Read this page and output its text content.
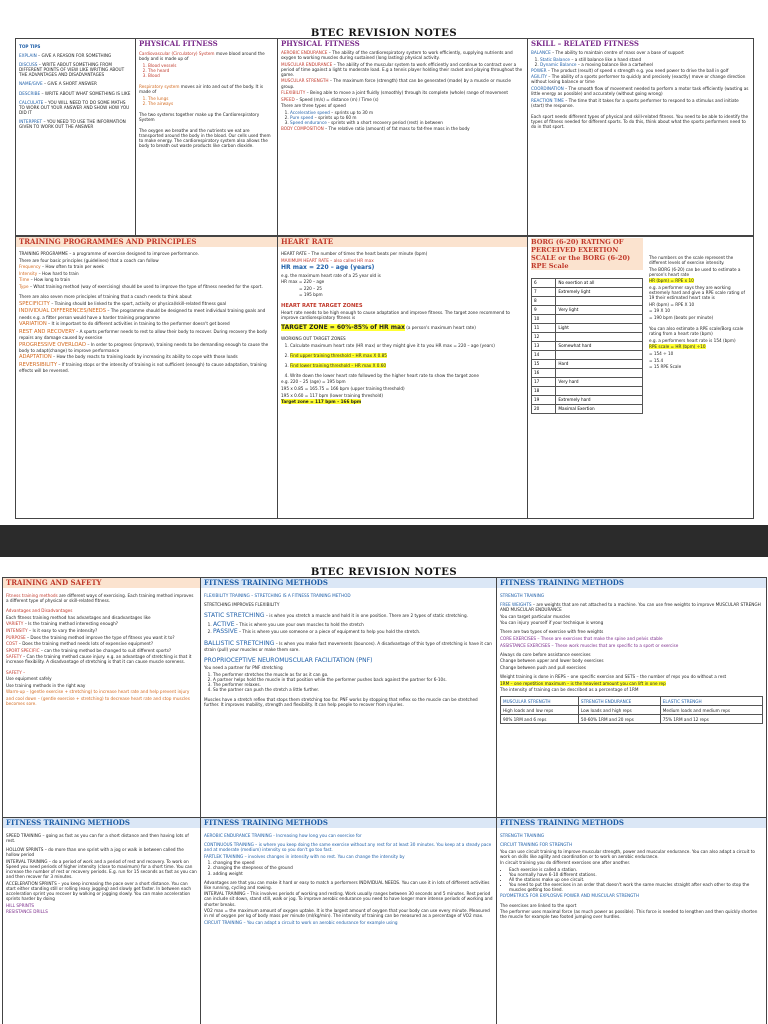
BTEC REVISION NOTES

TOP TIPS

EXPLAIN – GIVE A REASON FOR SOMETHING

DISCUSS – WRITE ABOUT SOMETHING FROM DIFFERENT POINTS OF VIEW LIKE WRITING ABOUT THE ADVANTAGES AND DISADVANTAGES

NAME/GIVE – GIVE A SHORT ANSWER

DESCRIBE – WRITE ABOUT WHAT SOMETHING IS LIKE

CALCULATE – YOU WILL NEED TO DO SOME MATHS TO WORK OUT YOUR ANSWER AND SHOW HOW YOU DID IT

INTERPRET – YOU NEED TO USE THE INFORMATION GIVEN TO WORK OUT THE ANSWER

PHYSICAL FITNESS

Cardiovascular (Circulatory) System move blood around the body and is made up of

1. Blood vessels
2. The heard
3. Blood

Respiratory system moves air into and out of the body. It is made of

1. The lungs
2. The airways

The two systems together make up the Cardiorespiratory System

The oxygen we breathe and the nutrients we eat are transported around the body in the blood. Our cells used them to make energy. The cardiorespiratory system also allows the body to breath out waste products like carbon dioxide.

PHYSICAL FITNESS

AEROBIC ENDURANCE – The ability of the cardiorespiratory system to work efficiently, supplying nutrients and oxygen to working muscles during sustained (long lasting) physical activity.

MUSCULAR ENDURANCE – The ability of the muscular system to work efficiently and continue to contract over a period of time against a light to moderate load. E.g a tennis player holding their racket and playing throughout the game.

MUSCULAR STRENGTH – The maximum force (strength) that can be generated (made) by a muscle or muscle group.

FLEXIBILITY – Being able to move a joint fluidly (smoothly) through its complete (whole) range of movement

SPEED – Speed (m/s) = distance (m) / Time (s)

There are three types of speed

1. Accelerative speed – sprints up to 30 m
2. Pure speed – sprints up to 60 m
3. Speed endurance - sprints with a short recovery period (rest) in between

BODY COMPOSITION – The relative ratio (amount) of fat mass to fat-free mass in the body

SKILL – RELATED FITNESS

BALANCE – The ability to maintain centre of mass over a base of support

1. Static Balance – a still balance like a hand stand
2. Dynamic Balance – a moving balance like a cartwheel

POWER – The product (result) of speed x strength e.g. you need power to drive the ball in golf

AGILITY – The ability of a sports performer to quickly and precisely (exactly) move or change direction without losing balance or time

COORDINATION – The smooth flow of movement needed to perform a motor task efficiently (wasting as little energy as possible) and accurately (without going wrong)

REACTION TIME – The time that it takes for a sports performer to respond to a stimulus and initiate (start) the response.

Each sport needs different types of physical and skill-related fitness. You need to be able to identify the types of fitness needed for different sports. To do this, think about what the sports performers need to do in that sport.

TRAINING PROGRAMMES AND PRINCIPLES

TRAINING PROGRAMME – a programme of exercise designed to improve performance.

There are four basic principles (guidelines) that a coach can follow

Frequency – How often to train per week

Intensity – How hard to train

Time – How long to train

Type – What training method (way of exercising) should be used to improve the type of fitness needed for the sport.

There are also seven more principles of training that a coach needs to think about

SPECIFICITY – Training should be linked to the sport, activity or physical/skill-related fitness goal

INDIVIDUAL DIFFERENCES/NEEDS – The programme should be designed to meet individual training goals and needs e.g. a fitter person would have a harder training programme

VARIATION – It is important to do different activities in training to the performer doesn't get bored

REST AND RECOVERY – A sports performer needs to rest to allow their body to recover. During recovery the body repairs any damage caused by exercise

PROGRESSIVE OVERLOAD – In order to progress (improve), training needs to be demanding enough to cause the body to adapt(change) to improve performance

ADAPTATION – How the body reacts to training loads by increasing its ability to cope with those loads

REVERSIBILITY – If training stops or the intensity of training is not sufficient (enough) to cause adaptation, training effects will be reversed.

HEART RATE

HEART RATE – The number of times the heart beats per minute (bpm)

MAXIMUM HEART RATE – also called HR max

HR max = 220 – age (years)

e.g. the maximum heart rate of a 25 year old is

HR max = 220 – age

= 220 – 25

= 195 bpm

HEART RATE TARGET ZONES

Heart rate needs to be high enough to cause adaptation and improve fitness. The target zone recommend to improve cardiorespiratory fitness is

TARGET ZONE = 60%-85% of HR max (a person's maximum heart rate)

WORKING OUT TARGET ZONES

1. Calculate maximum heart rate (HR max) or they might give it to you HR max = 220 – age (years)
2. Find upper training threshold – HR max X 0.85
3. Find lower training threshold – HR max X 0.60
4. Write down the lower heart rate followed by the higher heart rate to show the target zone

e.g. 220 – 25 (age) = 195 bpm

195 x 0.85 = 165.75 = 166 bpm (upper training threshold)

195 x 0.60 = 117 bpm (lower training threshold)

Target zone = 117 bpm – 166 bpm

BORG (6-20) RATING OF PERCEIVED EXERTION SCALE or the BORG (6-20) RPE Scale
6	No exertion at all
7	Extremely light
8	
9	Very light
10	
11	Light
12	
13	Somewhat hard
14	
15	Hard
16	
17	Very hard
18	
19	Extremely hard
20	Maximal Exertion

The numbers on the scale represent the different levels of exercise intensity.

The BORG (6-20) can be used to estimate a person's heart rate

HR (bpm) = RPE x 10

e.g. a performer says they are working extremely hard and give a RPE scale rating of 19 their estimated heart rate is

HR (bpm) = RPE X 10

= 19 X 10

= 190 bpm (beats per minute)

You can also estimate a RPE scale/Borg scale rating from a heart rate (bpm)

e.g. a performers heart rate is 154 (bpm)

RPE scale = HR (bpm) ÷10

= 154 ÷ 10

= 15.4

= 15 RPE Scale

BTEC REVISION NOTES
TRAINING AND SAFETY

Fitness training methods are different ways of exercising. Each training method improves a different type of physical or skill-related fitness.

Advantages and Disadvantages

Each fitness training method has advantages and disadvantages like

VARIETY – Is the training method interesting enough?

INTENSITY – Is it easy to vary the intensity?

PURPOSE – Does the training method improve the type of fitness you want it to?

COST – Does the training method needs lots of expensive equipment?

SPORT SPECIFIC – can the training method be changed to suit different sports?

SAFETY – Can the training method cause injury. e.g. an advantage of stretching is that it increase flexibility. A disadvantage of stretching is that it can cause muscle soreness.

SAFETY –

Use equipment safely

Use training methods in the right way

Warm-up – (gentle exercise + stretching) to increase heart rate and help prevent injury

and cool down – (gentle exercise + stretching) to decrease heart rate and stop muscles becomes sore.

FITNESS TRAINING METHODS

FLEXIBILITY TRAINING – STRETCHING IS A FITNESS TRAINING METHOD

STRETCHING IMPROVES FLEXIBILITY

STATIC STRETCHING – is when you stretch a muscle and hold it in one position. There are 2 types of static stretching.

1. ACTIVE – This is where you use your own muscles to hold the stretch
2. PASSIVE – This is where you use someone or a piece of equipment to help you hold the stretch.

BALLISTIC STRETCHING – Is when you make fast movements (bounces). A disadvantage of this type of stretching is have it can strain (pull) your muscles or make them sore.

PROPRIOCEPTIVE NEUROMUSCULAR FACILITATION (PNF)

You need a partner for PNF stretching

1. The performer stretches the muscle as far as it can go.
2. A partner helps hold the muscle in that position while the performer pushes back against the partner for 6-10s.
3. The performer relaxes.
4. So the partner can push the stretch a little further.

Muscles have a stretch reflex that stops them stretching too far. PNF works by stopping that reflex so the muscle can be stretched further. It improves mobility, strength and flexibility. It can help people to recover from injuries.

FITNESS TRAINING METHODS

STRENGTH TRAINING

FREE WEIGHTS – are weights that are not attached to a machine. You can use free weights to improve MUSCULAR STRENGH AND MUSCULAR ENDURANCE

You can target particular muscles

You can injury yourself if your technique is wrong

There are two types of exercise with free weights

CORE EXERCISES – These are exercises that make the spine and pelvis stable

ASSISTANCE EXERCISES – These work muscles that are specific to a sport or exercise

Always do core before assistance exercises

Change between upper and lower body exercises

Change between push and pull exercises

Weight training is done in REPS – one specific exercise and SETS – the number of reps you do without a rest

1RM – one repetition maximum – is the heaviest amount you can lift in one rep

The intensity of training can be described as a percentage of 1RM

MUSCULAR STRENGTH	STRENGTH ENDURANCE	ELASTIC STRENGH
High loads and low reps	Low loads and high reps	Medium loads and medium reps
90% 1RM and 6 reps	50-60% 1RM and 20 reps	75% 1RM and 12 reps

FITNESS TRAINING METHODS

SPEED TRAINING – going as fast as you can for a short distance and then having lots of rest.

HOLLOW SPRINTS – do more than one sprint with a jog or walk in between called the hollow period

INTERVAL TRAINING – do a period of work and a period of rest and recovery. To work on Speed you need periods of higher intensity (close to maximum) for a short time. You can increase the number of rest or recovery periods. E.g. run for 15 seconds as fast as you can and then recover for 3 minutes.

ACCELERATION SPRINTS – you keep increasing the pace over a short distance. You can start either standing still or rolling (easy jogging) and slowly get faster. In between each acceleration sprint you recover by walking or jogging slowly. You can make acceleration sprints harder by doing

HILL SPRINTS

RESISTANCE DRILLS

FITNESS TRAINING METHODS

AEROBIC ENDURANCE TRAINING - Increasing how long you can exercise for

CONTINUOUS TRAINING – is where you keep doing the same exercise without any rest for at least 30 minutes. You keep at a steady pace and at moderate (medium) intensity so you don't go too fast.

FARTLEK TRAINING – involves changes in intensity with no rest. You can change the intensity by

1. changing the speed
2. changing the steepness of the ground
3. adding weight

Advantages are that you can make it hard or easy to match a performers INDIVIDUAL NEEDS. You can use it in lots of different activities like running, cycling and rowing.

INTERVAL TRAINING – This involves periods of working and resting. Work usually ranges between 30 seconds and 5 minutes. Rest period can include sit down, stand still, walk or jog. To improve aerobic endurance you need to have longer more intense periods of working and shorter breaks.

VO2 max = the maximum amount of oxygen uptake. It is the largest amount of oxygen that your body can use every minute. Measured in ml of oxygen per kg of body mass per minute (ml/kg/min). The intensity of training can be measured as a percentage of VO2 max.

CIRCUIT TRAINING – You can adapt a circuit to work on aerobic endurance for example using

FITNESS TRAINING METHODS

STRENGTH TRAINING

CIRCUIT TRAINING FOR STRENGTH

You can use circuit training to improve muscular strength, power and muscular endurance. You can also adapt a circuit to work on skills like agility and coordination or to work on aerobic endurance.

In circuit training you do different exercises one after another.

• Each exercise is called a station.
• You normally have 6-10 different stations.
• All the stations make up one circuit.
• You need to put the exercises in an order that doesn't work the same muscles straight after each other to stop the muscles getting too tired.

PLYOMETRICS FOR EXPLOSIVE POWER AND MUSCULAR STRENGTH

The exercises are linked to the sport

The performer uses maximal force (as much power as possible). This force is needed to lengthen and then quickly shorten the muscle for example two footed jumping over hurdles.
